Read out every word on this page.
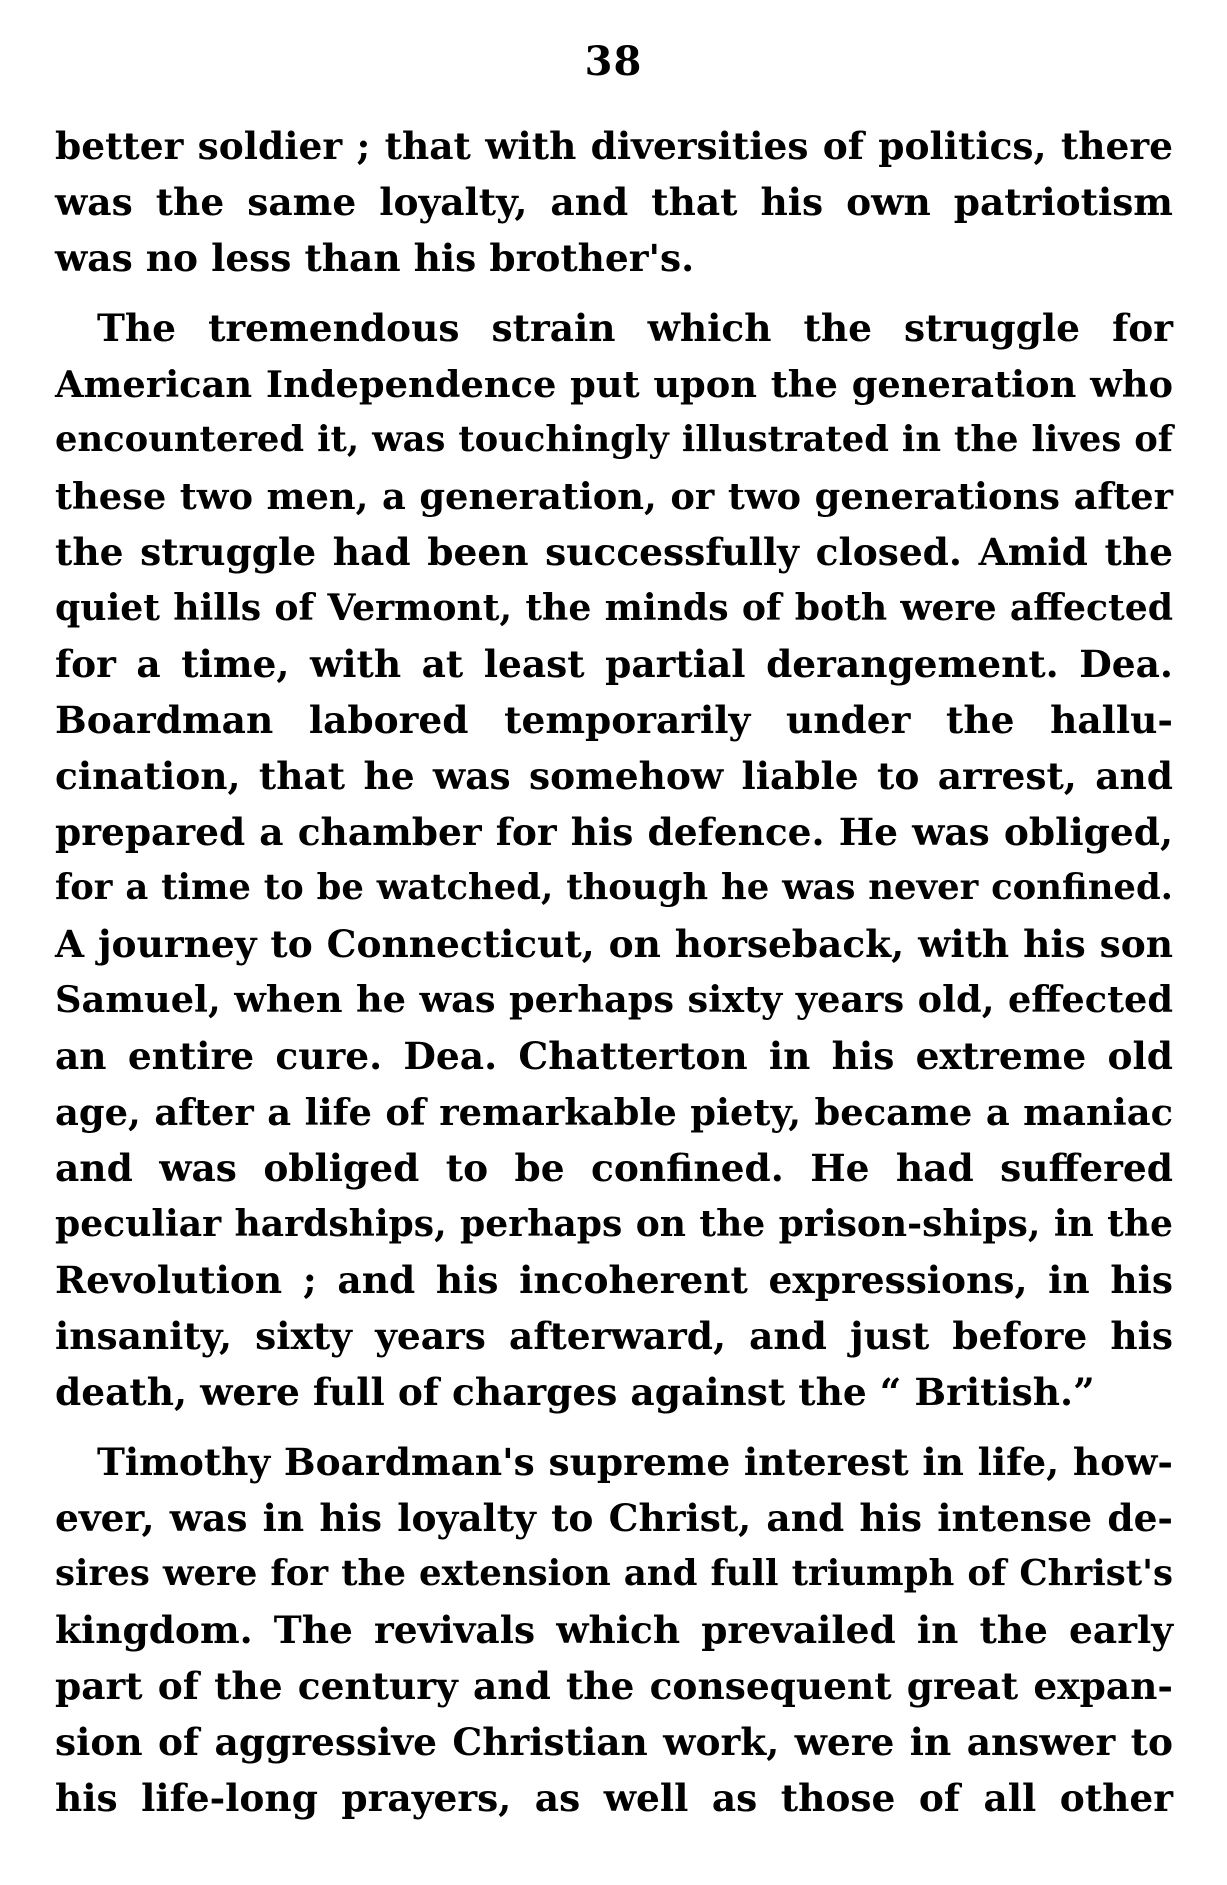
38
better soldier ; that with diversities of politics, there
was the same loyalty, and that his own patriotism
was no less than his brother's.
The tremendous strain which the struggle for
American Independence put upon the generation who
encountered it, was touchingly illustrated in the lives of
these two men, a generation, or two generations after
the struggle had been successfully closed. Amid the
quiet hills of Vermont, the minds of both were affected
for a time, with at least partial derangement. Dea.
Boardman labored temporarily under the hallu-
cination, that he was somehow liable to arrest, and
prepared a chamber for his defence. He was obliged,
for a time to be watched, though he was never confined.
A journey to Connecticut, on horseback, with his son
Samuel, when he was perhaps sixty years old, effected
an entire cure. Dea. Chatterton in his extreme old
age, after a life of remarkable piety, became a maniac
and was obliged to be confined. He had suffered
peculiar hardships, perhaps on the prison-ships, in the
Revolution ; and his incoherent expressions, in his
insanity, sixty years afterward, and just before his
death, were full of charges against the “ British.”
Timothy Boardman's supreme interest in life, how-
ever, was in his loyalty to Christ, and his intense de-
sires were for the extension and full triumph of Christ's
kingdom. The revivals which prevailed in the early
part of the century and the consequent great expan-
sion of aggressive Christian work, were in answer to
his life-long prayers, as well as those of all other
